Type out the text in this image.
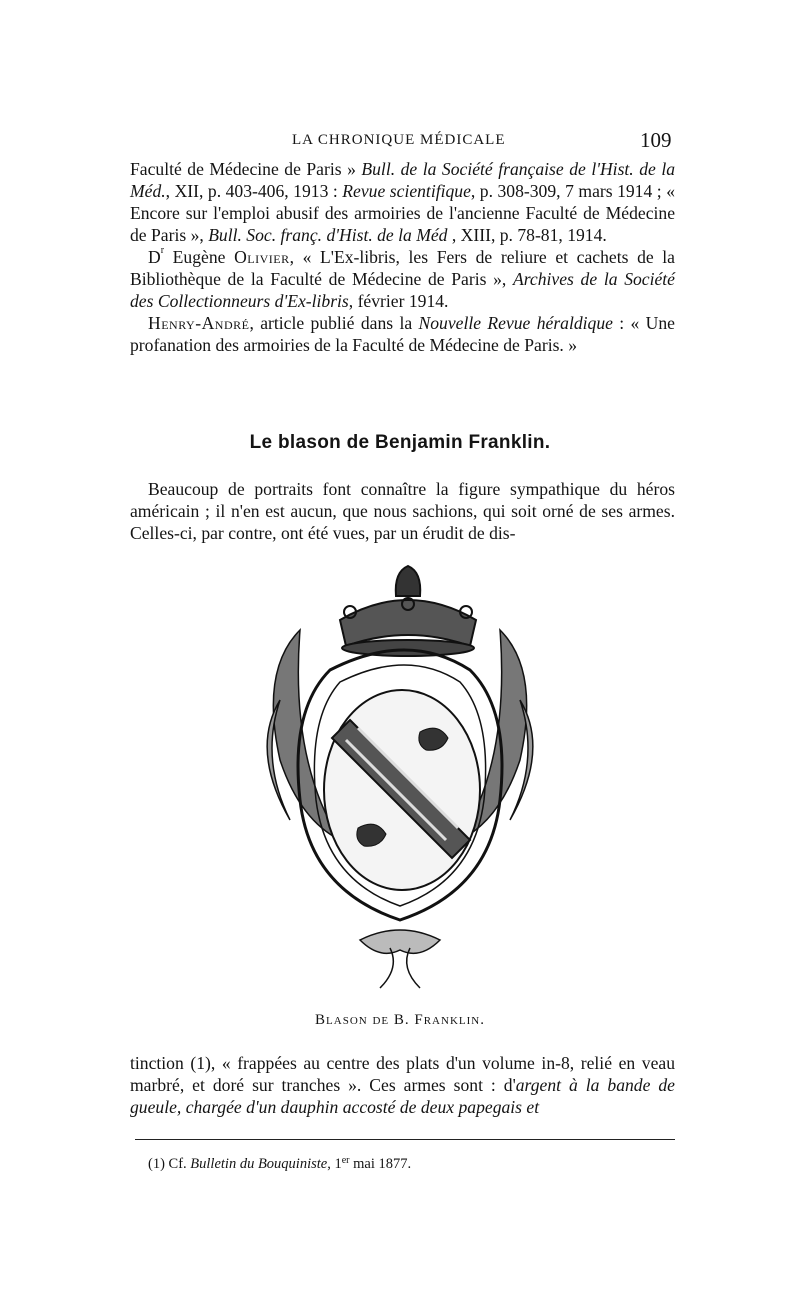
LA CHRONIQUE MÉDICALE	109

Faculté de Médecine de Paris » Bull. de la Société française de l'Hist. de la Méd., XII, p. 403-406, 1913 : Revue scientifique, p. 308-309, 7 mars 1914 ; « Encore sur l'emploi abusif des armoiries de l'ancienne Faculté de Médecine de Paris », Bull. Soc. franç. d'Hist. de la Méd , XIII, p. 78-81, 1914.

$D^r$ Eugène Olivier, « L'Ex-libris, les Fers de reliure et cachets de la Bibliothèque de la Faculté de Médecine de Paris », Archives de la Société des Collectionneurs d'Ex-libris, février 1914.

Henry-André, article publié dans la Nouvelle Revue héraldique : « Une profanation des armoiries de la Faculté de Médecine de Paris. »

Le blason de Benjamin Franklin.

Beaucoup de portraits font connaître la figure sympathique du héros américain ; il n'en est aucun, que nous sachions, qui soit orné de ses armes. Celles-ci, par contre, ont été vues, par un érudit de dis-

Blason de B. Franklin.

tinction (1), « frappées au centre des plats d'un volume in-8, relié en veau marbré, et doré sur tranches ». Ces armes sont : d'argent à la bande de gueule, chargée d'un dauphin accosté de deux papegais et

(1) Cf. Bulletin du Bouquiniste, 1er mai 1877.
